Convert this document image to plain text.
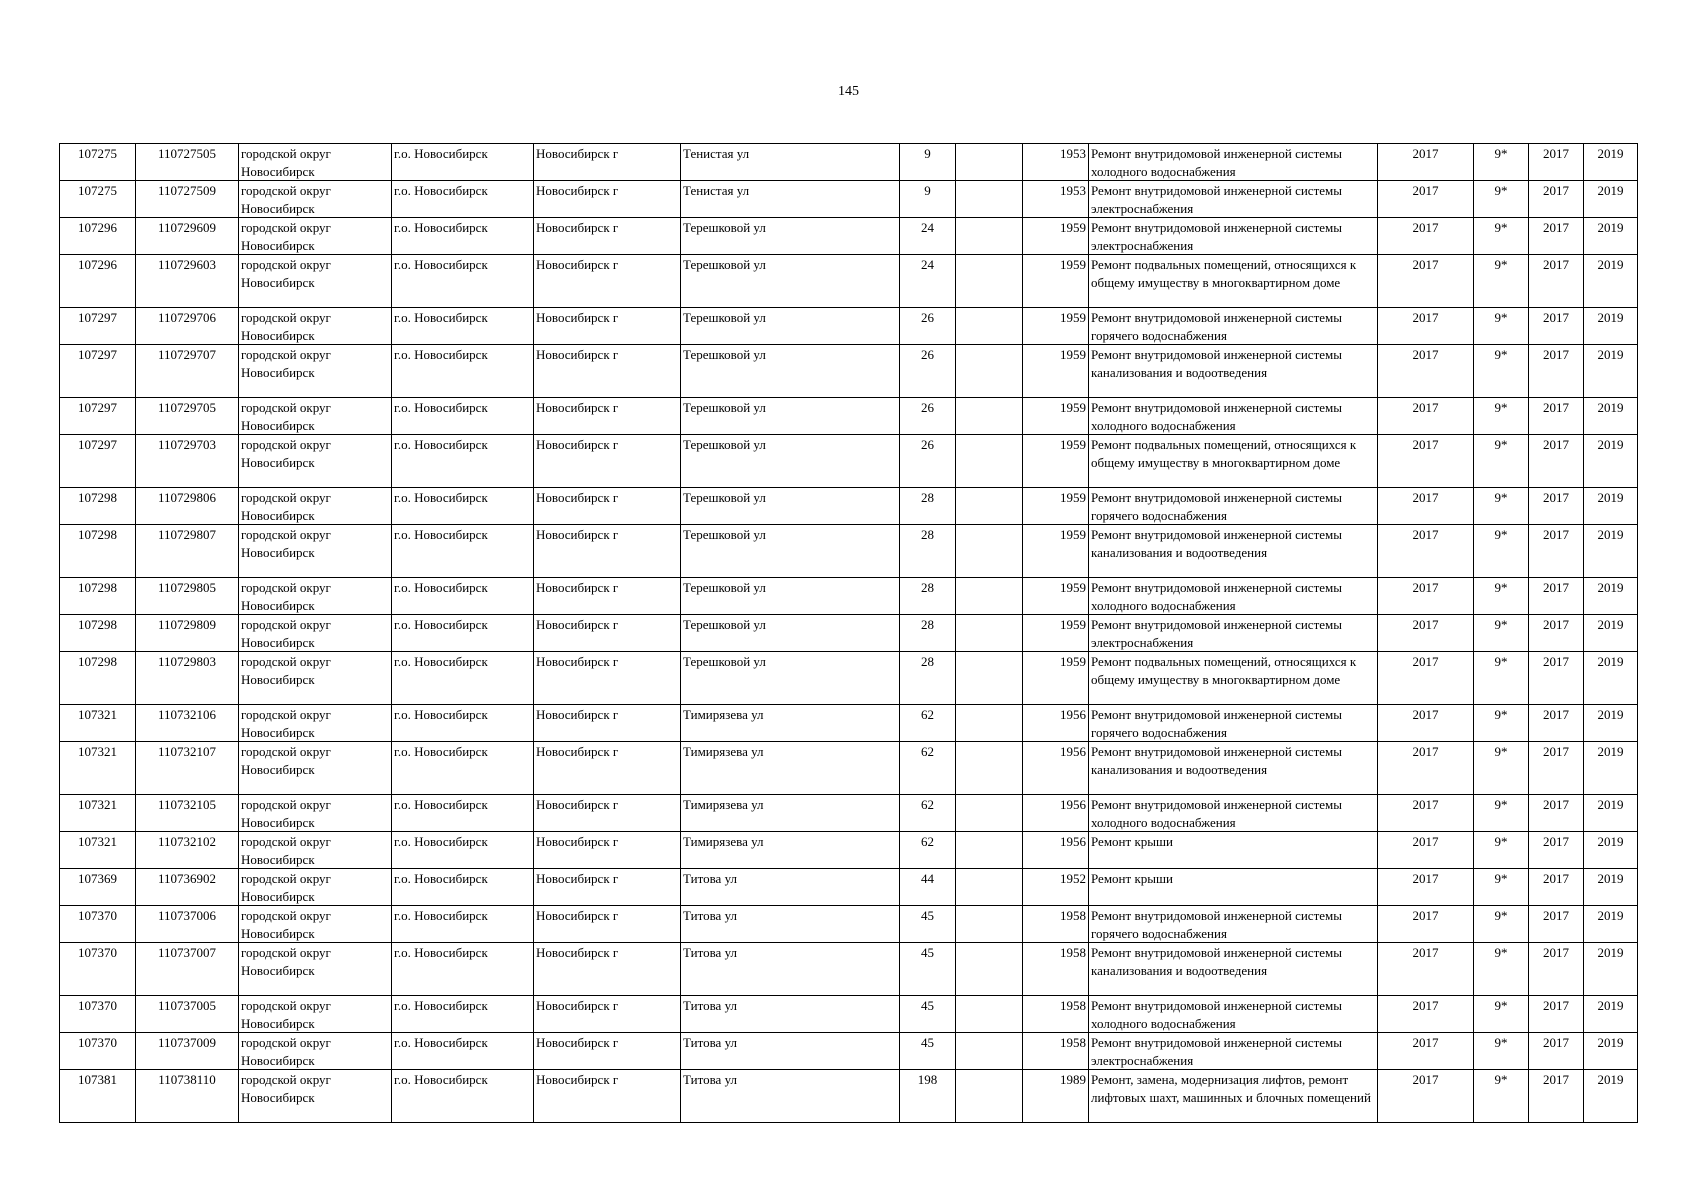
145
107275	110727505	городской округ Новосибирск	г.о. Новосибирск	Новосибирск г	Тенистая ул	9		1953	Ремонт внутридомовой инженерной системы холодного водоснабжения	2017	9*	2017	2019
107275	110727509	городской округ Новосибирск	г.о. Новосибирск	Новосибирск г	Тенистая ул	9		1953	Ремонт внутридомовой инженерной системы электроснабжения	2017	9*	2017	2019
107296	110729609	городской округ Новосибирск	г.о. Новосибирск	Новосибирск г	Терешковой ул	24		1959	Ремонт внутридомовой инженерной системы электроснабжения	2017	9*	2017	2019
107296	110729603	городской округ Новосибирск	г.о. Новосибирск	Новосибирск г	Терешковой ул	24		1959	Ремонт подвальных помещений, относящихся к общему имуществу в многоквартирном доме	2017	9*	2017	2019
107297	110729706	городской округ Новосибирск	г.о. Новосибирск	Новосибирск г	Терешковой ул	26		1959	Ремонт внутридомовой инженерной системы горячего водоснабжения	2017	9*	2017	2019
107297	110729707	городской округ Новосибирск	г.о. Новосибирск	Новосибирск г	Терешковой ул	26		1959	Ремонт внутридомовой инженерной системы канализования и водоотведения	2017	9*	2017	2019
107297	110729705	городской округ Новосибирск	г.о. Новосибирск	Новосибирск г	Терешковой ул	26		1959	Ремонт внутридомовой инженерной системы холодного водоснабжения	2017	9*	2017	2019
107297	110729703	городской округ Новосибирск	г.о. Новосибирск	Новосибирск г	Терешковой ул	26		1959	Ремонт подвальных помещений, относящихся к общему имуществу в многоквартирном доме	2017	9*	2017	2019
107298	110729806	городской округ Новосибирск	г.о. Новосибирск	Новосибирск г	Терешковой ул	28		1959	Ремонт внутридомовой инженерной системы горячего водоснабжения	2017	9*	2017	2019
107298	110729807	городской округ Новосибирск	г.о. Новосибирск	Новосибирск г	Терешковой ул	28		1959	Ремонт внутридомовой инженерной системы канализования и водоотведения	2017	9*	2017	2019
107298	110729805	городской округ Новосибирск	г.о. Новосибирск	Новосибирск г	Терешковой ул	28		1959	Ремонт внутридомовой инженерной системы холодного водоснабжения	2017	9*	2017	2019
107298	110729809	городской округ Новосибирск	г.о. Новосибирск	Новосибирск г	Терешковой ул	28		1959	Ремонт внутридомовой инженерной системы электроснабжения	2017	9*	2017	2019
107298	110729803	городской округ Новосибирск	г.о. Новосибирск	Новосибирск г	Терешковой ул	28		1959	Ремонт подвальных помещений, относящихся к общему имуществу в многоквартирном доме	2017	9*	2017	2019
107321	110732106	городской округ Новосибирск	г.о. Новосибирск	Новосибирск г	Тимирязева ул	62		1956	Ремонт внутридомовой инженерной системы горячего водоснабжения	2017	9*	2017	2019
107321	110732107	городской округ Новосибирск	г.о. Новосибирск	Новосибирск г	Тимирязева ул	62		1956	Ремонт внутридомовой инженерной системы канализования и водоотведения	2017	9*	2017	2019
107321	110732105	городской округ Новосибирск	г.о. Новосибирск	Новосибирск г	Тимирязева ул	62		1956	Ремонт внутридомовой инженерной системы холодного водоснабжения	2017	9*	2017	2019
107321	110732102	городской округ Новосибирск	г.о. Новосибирск	Новосибирск г	Тимирязева ул	62		1956	Ремонт крыши	2017	9*	2017	2019
107369	110736902	городской округ Новосибирск	г.о. Новосибирск	Новосибирск г	Титова ул	44		1952	Ремонт крыши	2017	9*	2017	2019
107370	110737006	городской округ Новосибирск	г.о. Новосибирск	Новосибирск г	Титова ул	45		1958	Ремонт внутридомовой инженерной системы горячего водоснабжения	2017	9*	2017	2019
107370	110737007	городской округ Новосибирск	г.о. Новосибирск	Новосибирск г	Титова ул	45		1958	Ремонт внутридомовой инженерной системы канализования и водоотведения	2017	9*	2017	2019
107370	110737005	городской округ Новосибирск	г.о. Новосибирск	Новосибирск г	Титова ул	45		1958	Ремонт внутридомовой инженерной системы холодного водоснабжения	2017	9*	2017	2019
107370	110737009	городской округ Новосибирск	г.о. Новосибирск	Новосибирск г	Титова ул	45		1958	Ремонт внутридомовой инженерной системы электроснабжения	2017	9*	2017	2019
107381	110738110	городской округ Новосибирск	г.о. Новосибирск	Новосибирск г	Титова ул	198		1989	Ремонт, замена, модернизация лифтов, ремонт лифтовых шахт, машинных и блочных помещений	2017	9*	2017	2019
